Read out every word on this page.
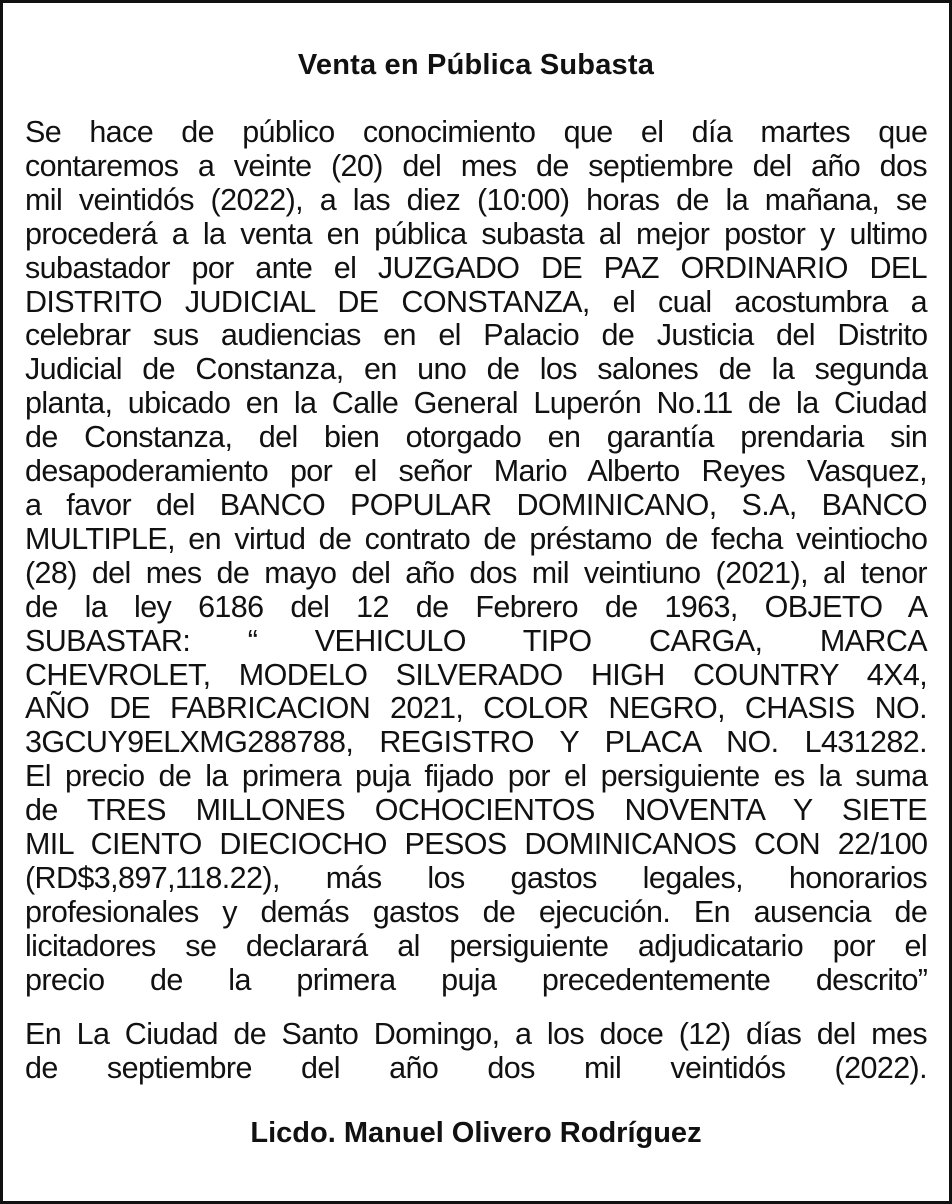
Venta en Pública Subasta
Se hace de público conocimiento que el día martes que
contaremos a veinte (20) del mes de septiembre del año dos
mil veintidós (2022), a las diez (10:00) horas de la mañana, se
procederá a la venta en pública subasta al mejor postor y ultimo
subastador por ante el JUZGADO DE PAZ ORDINARIO DEL
DISTRITO JUDICIAL DE CONSTANZA, el cual acostumbra a
celebrar sus audiencias en el Palacio de Justicia del Distrito
Judicial de Constanza, en uno de los salones de la segunda
planta, ubicado en la Calle General Luperón No.11 de la Ciudad
de Constanza, del bien otorgado en garantía prendaria sin
desapoderamiento por el señor Mario Alberto Reyes Vasquez,
a favor del BANCO POPULAR DOMINICANO, S.A, BANCO
MULTIPLE, en virtud de contrato de préstamo de fecha veintiocho
(28) del mes de mayo del año dos mil veintiuno (2021), al tenor
de la ley 6186 del 12 de Febrero de 1963, OBJETO A
SUBASTAR: “ VEHICULO TIPO CARGA, MARCA
CHEVROLET, MODELO SILVERADO HIGH COUNTRY 4X4,
AÑO DE FABRICACION 2021, COLOR NEGRO, CHASIS NO.
3GCUY9ELXMG288788, REGISTRO Y PLACA NO. L431282.
El precio de la primera puja fijado por el persiguiente es la suma
de TRES MILLONES OCHOCIENTOS NOVENTA Y SIETE
MIL CIENTO DIECIOCHO PESOS DOMINICANOS CON 22/100
(RD$3,897,118.22), más los gastos legales, honorarios
profesionales y demás gastos de ejecución. En ausencia de
licitadores se declarará al persiguiente adjudicatario por el
precio de la primera puja precedentemente descrito”
En La Ciudad de Santo Domingo, a los doce (12) días del mes
de septiembre del año dos mil veintidós (2022).

Licdo. Manuel Olivero Rodríguez
